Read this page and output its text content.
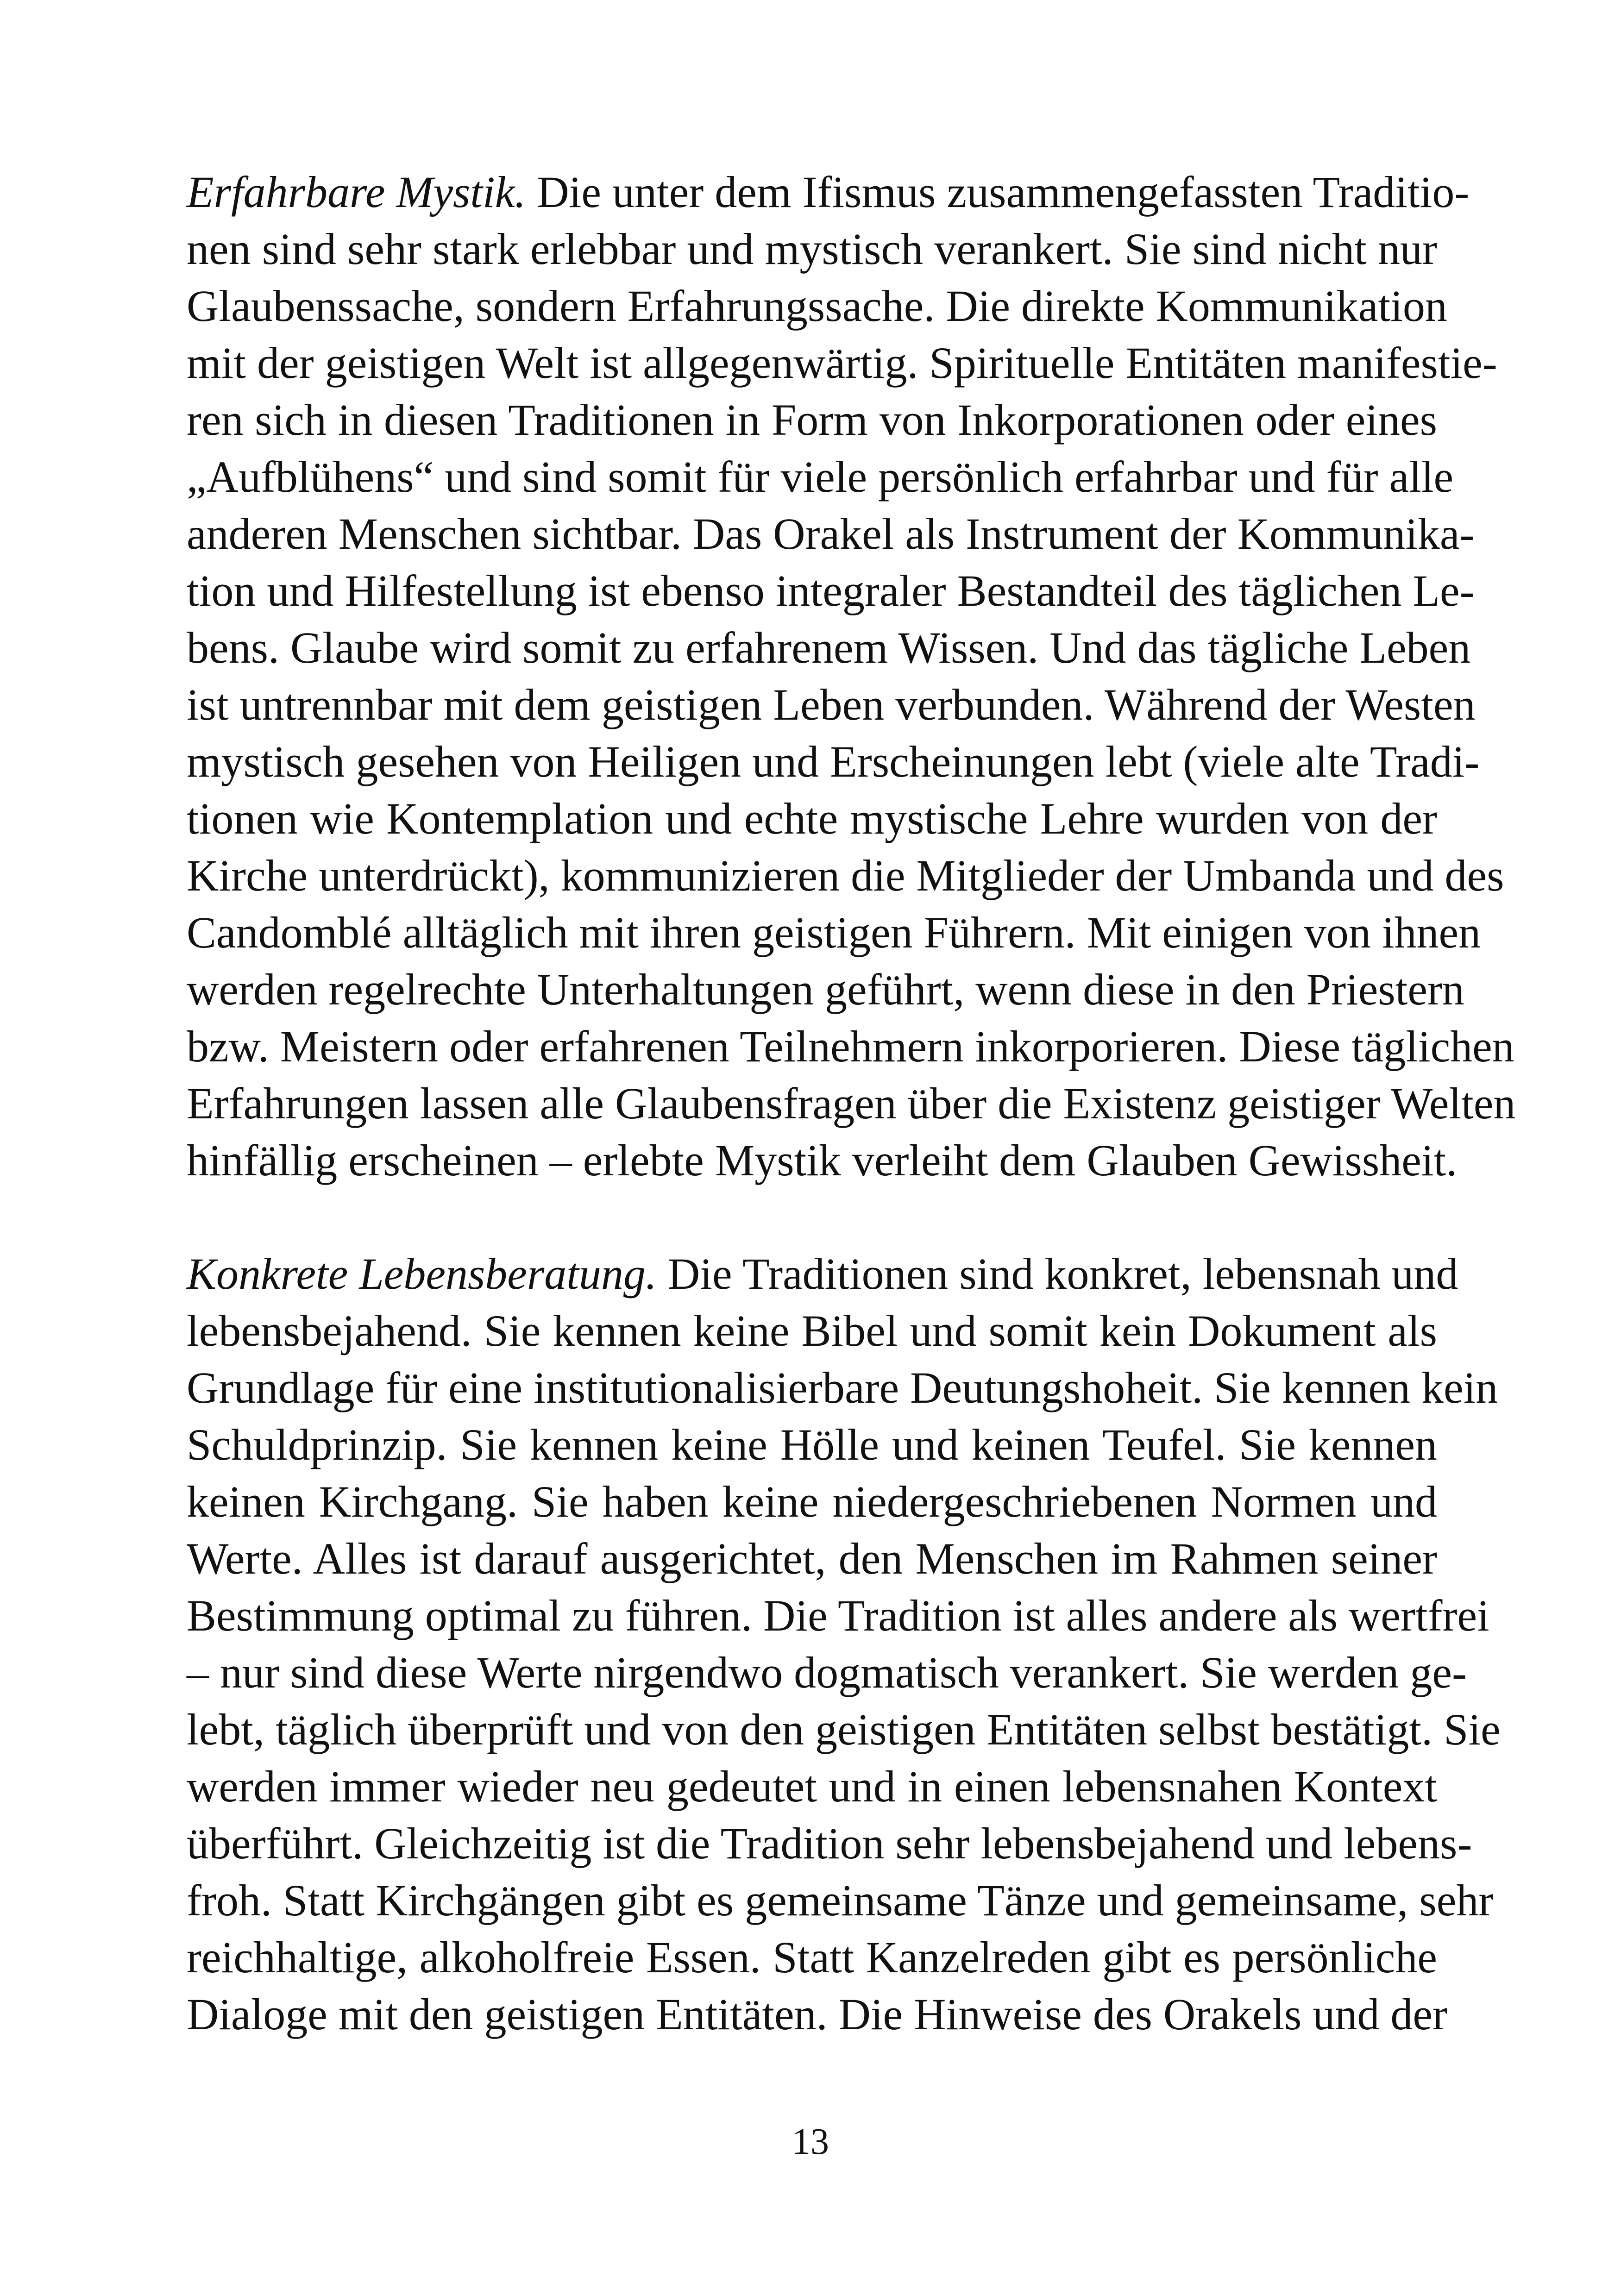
Erfahrbare Mystik. Die unter dem Ifismus zusammengefassten Traditio-
nen sind sehr stark erlebbar und mystisch verankert. Sie sind nicht nur
Glaubenssache, sondern Erfahrungssache. Die direkte Kommunikation
mit der geistigen Welt ist allgegenwärtig. Spirituelle Entitäten manifestie-
ren sich in diesen Traditionen in Form von Inkorporationen oder eines
„Aufblühens“ und sind somit für viele persönlich erfahrbar und für alle
anderen Menschen sichtbar. Das Orakel als Instrument der Kommunika-
tion und Hilfestellung ist ebenso integraler Bestandteil des täglichen Le-
bens. Glaube wird somit zu erfahrenem Wissen. Und das tägliche Leben
ist untrennbar mit dem geistigen Leben verbunden. Während der Westen
mystisch gesehen von Heiligen und Erscheinungen lebt (viele alte Tradi-
tionen wie Kontemplation und echte mystische Lehre wurden von der
Kirche unterdrückt), kommunizieren die Mitglieder der Umbanda und des
Candomblé alltäglich mit ihren geistigen Führern. Mit einigen von ihnen
werden regelrechte Unterhaltungen geführt, wenn diese in den Priestern
bzw. Meistern oder erfahrenen Teilnehmern inkorporieren. Diese täglichen
Erfahrungen lassen alle Glaubensfragen über die Existenz geistiger Welten
hinfällig erscheinen – erlebte Mystik verleiht dem Glauben Gewissheit.
Konkrete Lebensberatung. Die Traditionen sind konkret, lebensnah und
lebensbejahend. Sie kennen keine Bibel und somit kein Dokument als
Grundlage für eine institutionalisierbare Deutungshoheit. Sie kennen kein
Schuldprinzip. Sie kennen keine Hölle und keinen Teufel. Sie kennen
keinen Kirchgang. Sie haben keine niedergeschriebenen Normen und
Werte. Alles ist darauf ausgerichtet, den Menschen im Rahmen seiner
Bestimmung optimal zu führen. Die Tradition ist alles andere als wertfrei
– nur sind diese Werte nirgendwo dogmatisch verankert. Sie werden ge-
lebt, täglich überprüft und von den geistigen Entitäten selbst bestätigt. Sie
werden immer wieder neu gedeutet und in einen lebensnahen Kontext
überführt. Gleichzeitig ist die Tradition sehr lebensbejahend und lebens-
froh. Statt Kirchgängen gibt es gemeinsame Tänze und gemeinsame, sehr
reichhaltige, alkoholfreie Essen. Statt Kanzelreden gibt es persönliche
Dialoge mit den geistigen Entitäten. Die Hinweise des Orakels und der
13
